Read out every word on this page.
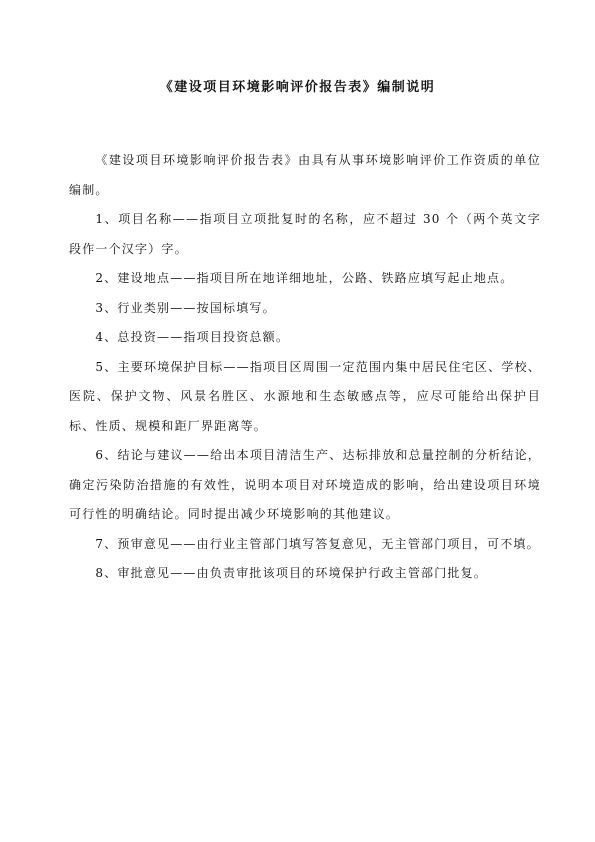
《建设项目环境影响评价报告表》编制说明

《建设项目环境影响评价报告表》由具有从事环境影响评价工作资质的单位编制。

1、项目名称——指项目立项批复时的名称，应不超过 30 个（两个英文字段作一个汉字）字。

2、建设地点——指项目所在地详细地址，公路、铁路应填写起止地点。

3、行业类别——按国标填写。

4、总投资——指项目投资总额。

5、主要环境保护目标——指项目区周围一定范围内集中居民住宅区、学校、医院、保护文物、风景名胜区、水源地和生态敏感点等，应尽可能给出保护目标、性质、规模和距厂界距离等。

6、结论与建议——给出本项目清洁生产、达标排放和总量控制的分析结论，确定污染防治措施的有效性，说明本项目对环境造成的影响，给出建设项目环境可行性的明确结论。同时提出减少环境影响的其他建议。

7、预审意见——由行业主管部门填写答复意见，无主管部门项目，可不填。

8、审批意见——由负责审批该项目的环境保护行政主管部门批复。
